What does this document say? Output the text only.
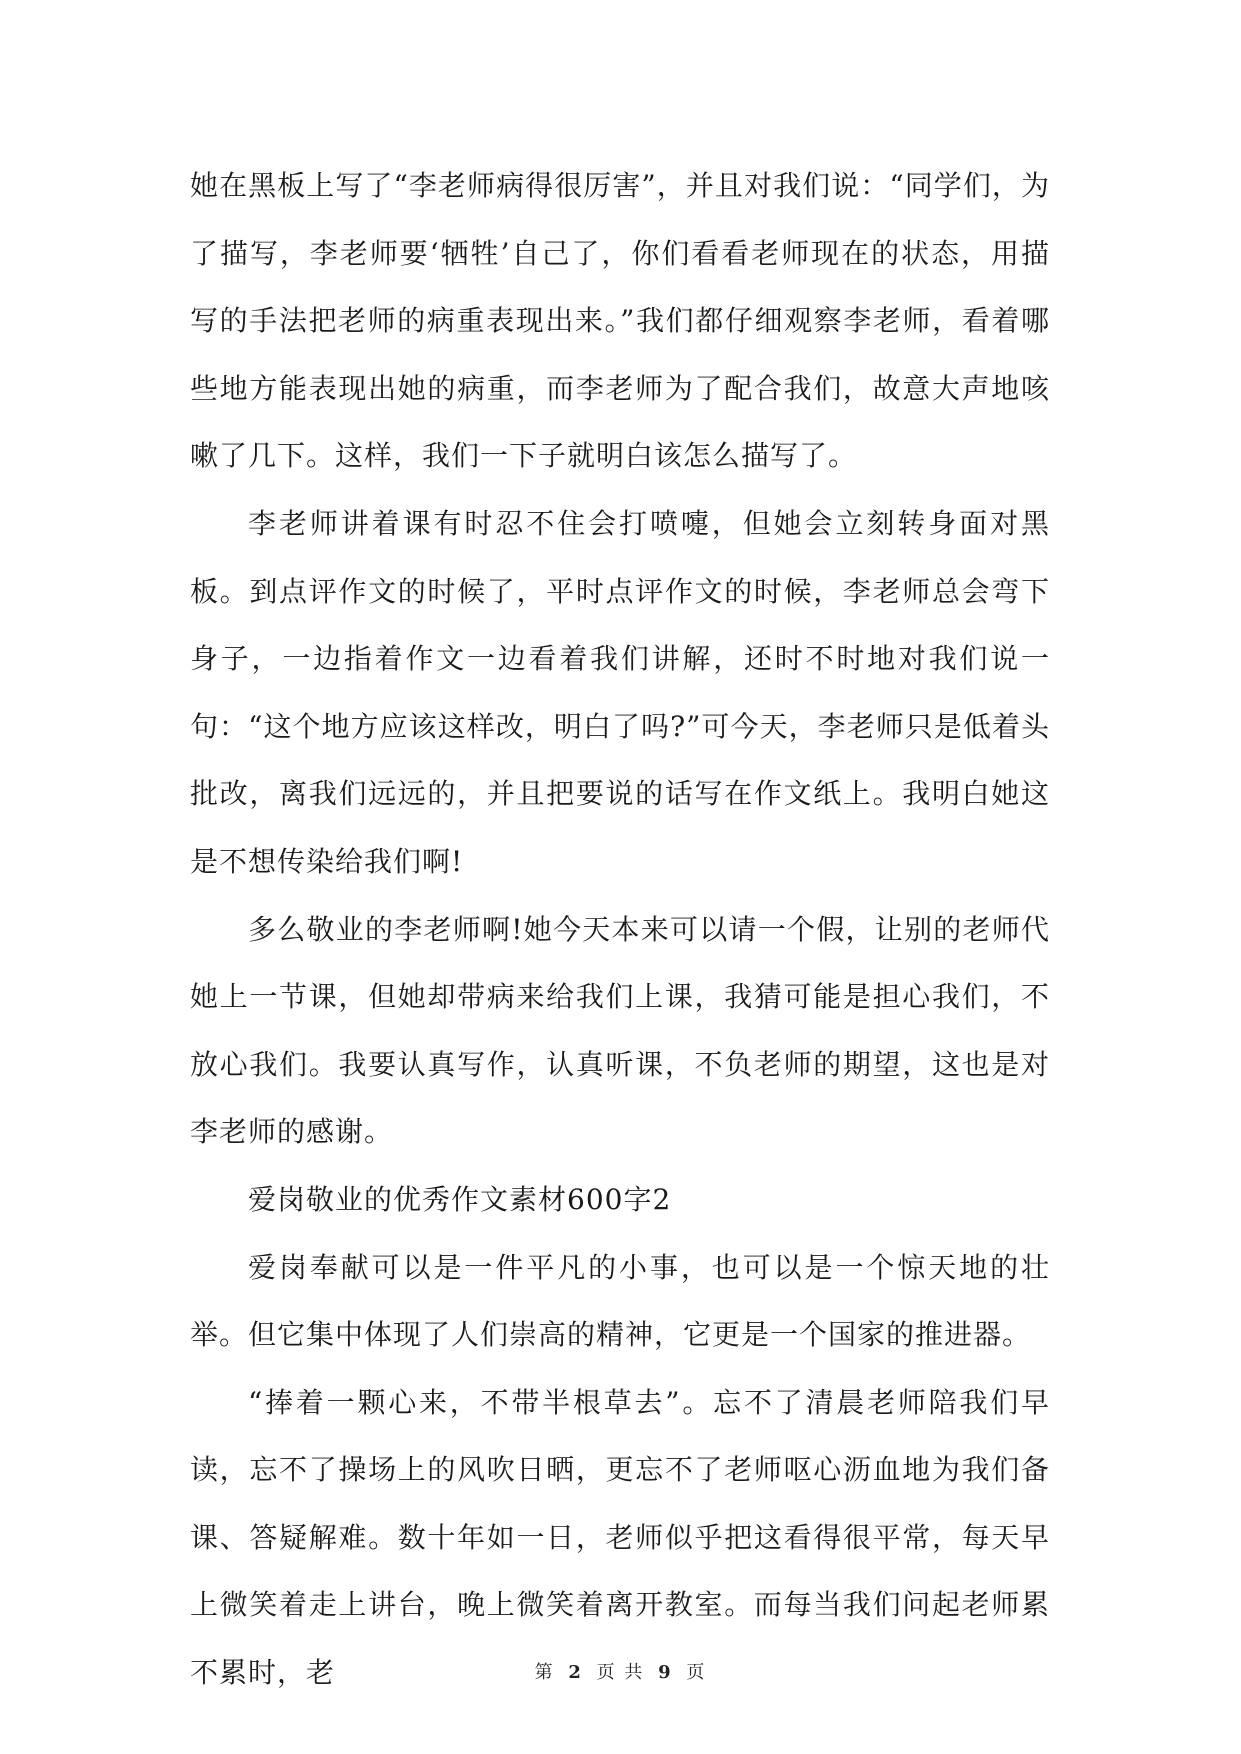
她在黑板上写了“李老师病得很厉害”，并且对我们说：“同学们，为了描写，李老师要‘牺牲’自己了，你们看看老师现在的状态，用描写的手法把老师的病重表现出来。”我们都仔细观察李老师，看着哪些地方能表现出她的病重，而李老师为了配合我们，故意大声地咳嗽了几下。这样，我们一下子就明白该怎么描写了。

李老师讲着课有时忍不住会打喷嚏，但她会立刻转身面对黑板。到点评作文的时候了，平时点评作文的时候，李老师总会弯下身子，一边指着作文一边看着我们讲解，还时不时地对我们说一句：“这个地方应该这样改，明白了吗?”可今天，李老师只是低着头批改，离我们远远的，并且把要说的话写在作文纸上。我明白她这是不想传染给我们啊!

多么敬业的李老师啊!她今天本来可以请一个假，让别的老师代她上一节课，但她却带病来给我们上课，我猜可能是担心我们，不放心我们。我要认真写作，认真听课，不负老师的期望，这也是对李老师的感谢。

爱岗敬业的优秀作文素材600字2

爱岗奉献可以是一件平凡的小事，也可以是一个惊天地的壮举。但它集中体现了人们崇高的精神，它更是一个国家的推进器。

“捧着一颗心来，不带半根草去”。忘不了清晨老师陪我们早读，忘不了操场上的风吹日晒，更忘不了老师呕心沥血地为我们备课、答疑解难。数十年如一日，老师似乎把这看得很平常，每天早上微笑着走上讲台，晚上微笑着离开教室。而每当我们问起老师累不累时，老	第 2 页 共 9 页
